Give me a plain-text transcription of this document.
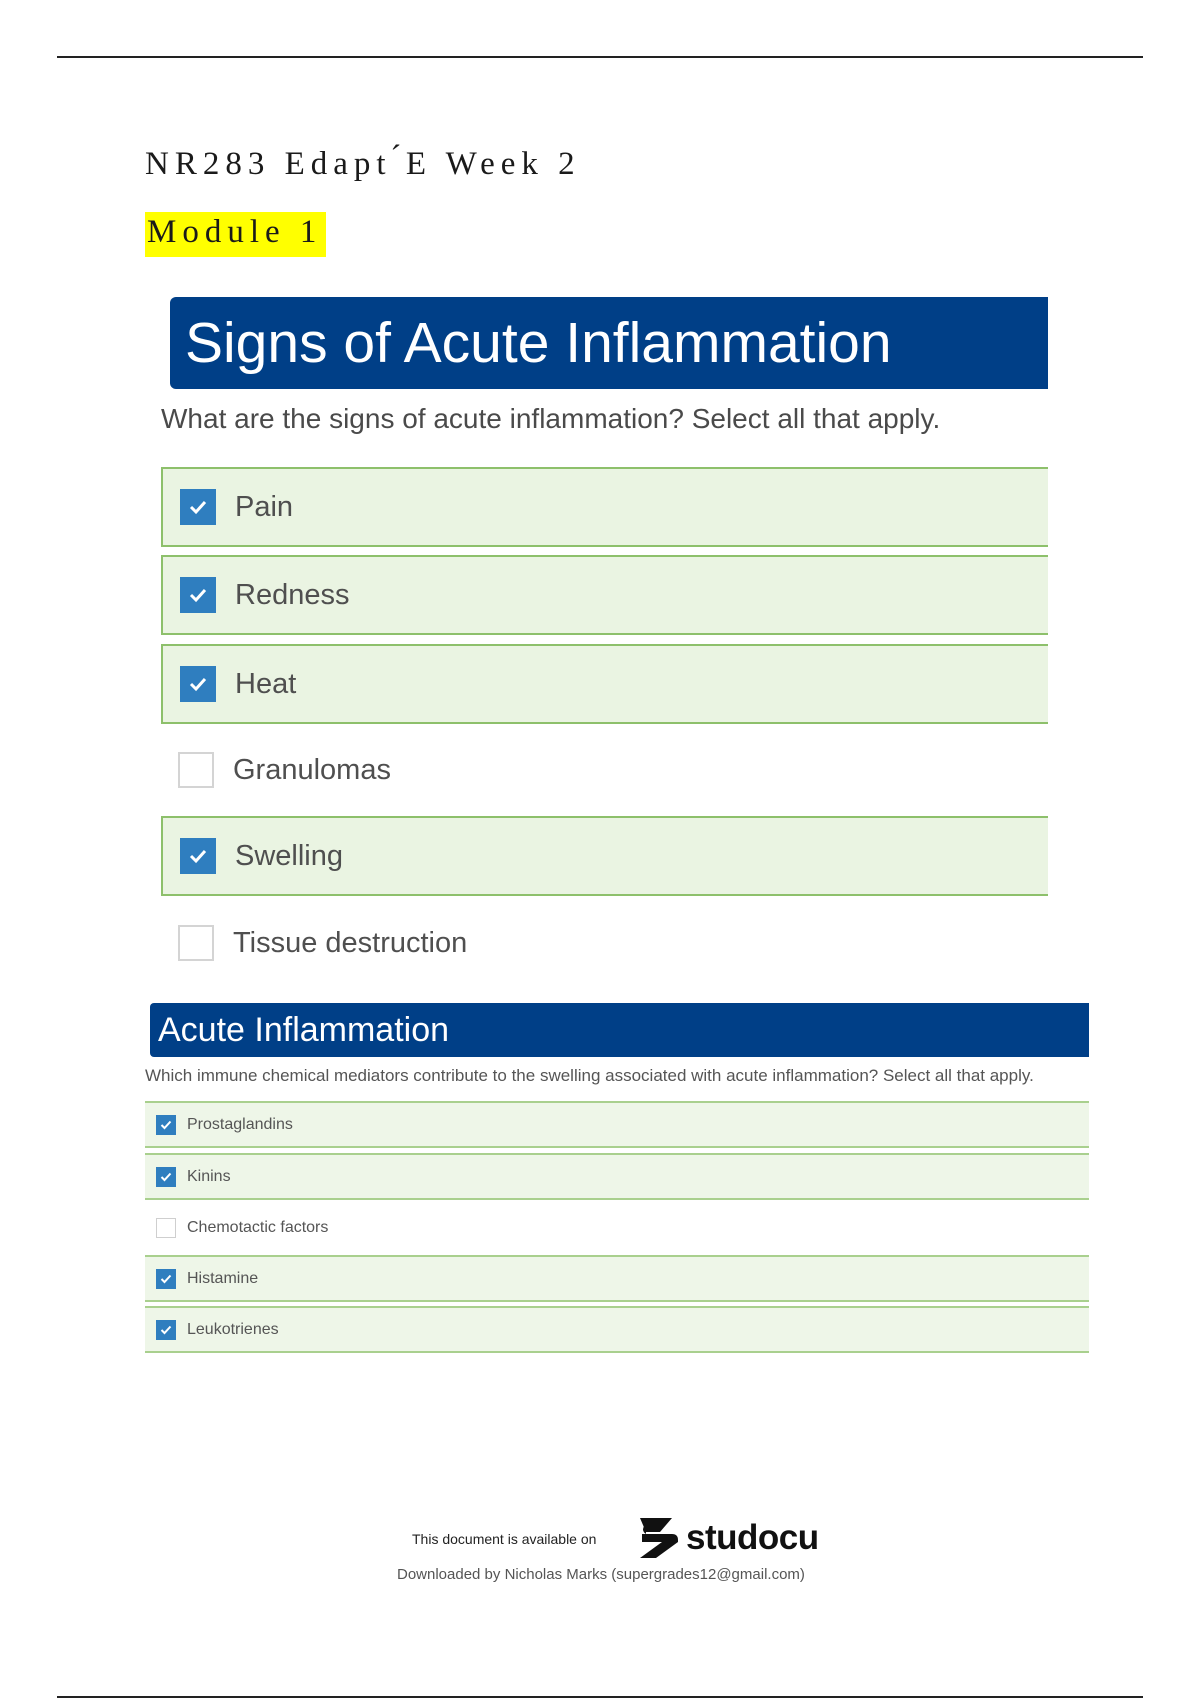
NR283 Edapt ́E Week 2
Module 1
Signs of Acute Inflammation
What are the signs of acute inflammation? Select all that apply.
Pain
Redness
Heat
Granulomas
Swelling
Tissue destruction
Acute Inflammation
Which immune chemical mediators contribute to the swelling associated with acute inflammation? Select all that apply.
Prostaglandins
Kinins
Chemotactic factors
Histamine
Leukotrienes
This document is available on	studocu
Downloaded by Nicholas Marks (supergrades12@gmail.com)
